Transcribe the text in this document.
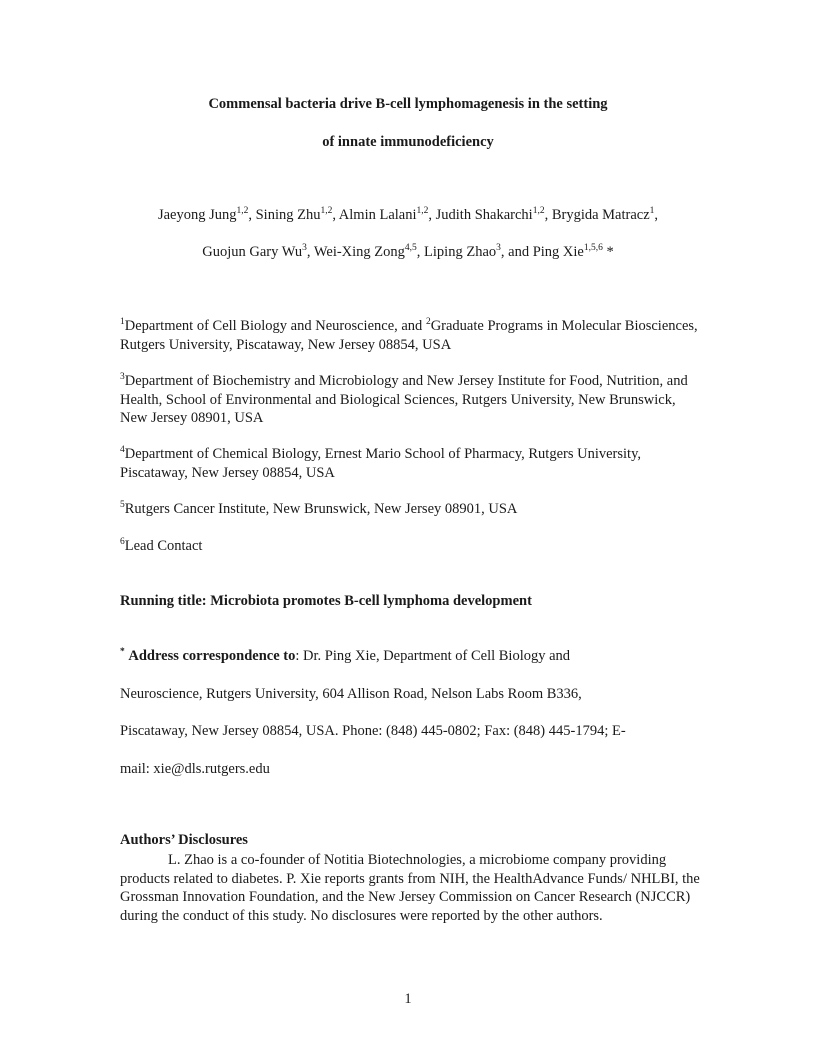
Commensal bacteria drive B-cell lymphomagenesis in the setting
of innate immunodeficiency
Jaeyong Jung$^{1,2}$, Sining Zhu$^{1,2}$, Almin Lalani$^{1,2}$, Judith Shakarchi$^{1,2}$, Brygida Matracz$^1$,
Guojun Gary Wu$^3$, Wei-Xing Zong$^{4,5}$, Liping Zhao$^3$, and Ping Xie$^{1,5,6}$ *
$^1$Department of Cell Biology and Neuroscience, and $^2$Graduate Programs in Molecular Biosciences, Rutgers University, Piscataway, New Jersey 08854, USA
$^3$Department of Biochemistry and Microbiology and New Jersey Institute for Food, Nutrition, and Health, School of Environmental and Biological Sciences, Rutgers University, New Brunswick, New Jersey 08901, USA
$^4$Department of Chemical Biology, Ernest Mario School of Pharmacy, Rutgers University, Piscataway, New Jersey 08854, USA
$^5$Rutgers Cancer Institute, New Brunswick, New Jersey 08901, USA
$^6$Lead Contact
Running title: Microbiota promotes B-cell lymphoma development
* Address correspondence to: Dr. Ping Xie, Department of Cell Biology and
Neuroscience, Rutgers University, 604 Allison Road, Nelson Labs Room B336,
Piscataway, New Jersey 08854, USA. Phone: (848) 445-0802; Fax: (848) 445-1794; E-
mail: xie@dls.rutgers.edu
Authors’ Disclosures
L. Zhao is a co-founder of Notitia Biotechnologies, a microbiome company providing products related to diabetes. P. Xie reports grants from NIH, the HealthAdvance Funds/ NHLBI, the Grossman Innovation Foundation, and the New Jersey Commission on Cancer Research (NJCCR) during the conduct of this study. No disclosures were reported by the other authors.
1
